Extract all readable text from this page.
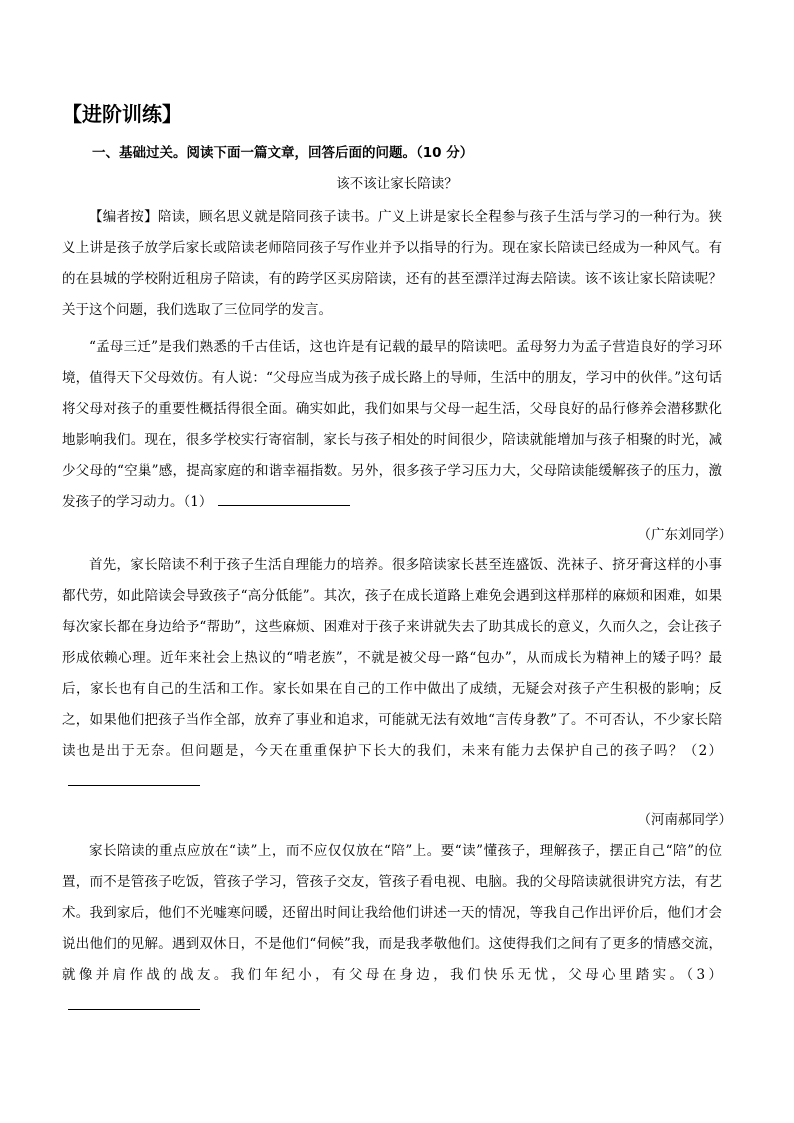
【进阶训练】
一、基础过关。阅读下面一篇文章，回答后面的问题。（10 分）
该不该让家长陪读？

【编者按】陪读，顾名思义就是陪同孩子读书。广义上讲是家长全程参与孩子生活与学习的一种行为。狭义上讲是孩子放学后家长或陪读老师陪同孩子写作业并予以指导的行为。现在家长陪读已经成为一种风气。有的在县城的学校附近租房子陪读，有的跨学区买房陪读，还有的甚至漂洋过海去陪读。该不该让家长陪读呢？关于这个问题，我们选取了三位同学的发言。

“孟母三迁”是我们熟悉的千古佳话，这也许是有记载的最早的陪读吧。孟母努力为孟子营造良好的学习环境，值得天下父母效仿。有人说：“父母应当成为孩子成长路上的导师，生活中的朋友，学习中的伙伴。”这句话将父母对孩子的重要性概括得很全面。确实如此，我们如果与父母一起生活，父母良好的品行修养会潜移默化地影响我们。现在，很多学校实行寄宿制，家长与孩子相处的时间很少，陪读就能增加与孩子相聚的时光，减少父母的“空巢”感，提高家庭的和谐幸福指数。另外，很多孩子学习压力大，父母陪读能缓解孩子的压力，激发孩子的学习动力。（1）

（广东刘同学）

首先，家长陪读不利于孩子生活自理能力的培养。很多陪读家长甚至连盛饭、洗袜子、挤牙膏这样的小事都代劳，如此陪读会导致孩子“高分低能”。其次，孩子在成长道路上难免会遇到这样那样的麻烦和困难，如果每次家长都在身边给予“帮助”，这些麻烦、困难对于孩子来讲就失去了助其成长的意义，久而久之，会让孩子形成依赖心理。近年来社会上热议的“啃老族”，不就是被父母一路“包办”，从而成长为精神上的矮子吗？最后，家长也有自己的生活和工作。家长如果在自己的工作中做出了成绩，无疑会对孩子产生积极的影响；反之，如果他们把孩子当作全部，放弃了事业和追求，可能就无法有效地“言传身教”了。不可否认，不少家长陪读也是出于无奈。但问题是，今天在重重保护下长大的我们，未来有能力去保护自己的孩子吗？（2）

（河南郝同学）

家长陪读的重点应放在“读”上，而不应仅仅放在“陪”上。要“读”懂孩子，理解孩子，摆正自己“陪”的位置，而不是管孩子吃饭，管孩子学习，管孩子交友，管孩子看电视、电脑。我的父母陪读就很讲究方法，有艺术。我到家后，他们不光嘘寒问暖，还留出时间让我给他们讲述一天的情况，等我自己作出评价后，他们才会说出他们的见解。遇到双休日，不是他们“伺候”我，而是我孝敬他们。这使得我们之间有了更多的情感交流，就像并肩作战的战友。我们年纪小，有父母在身边，我们快乐无忧，父母心里踏实。（3）
